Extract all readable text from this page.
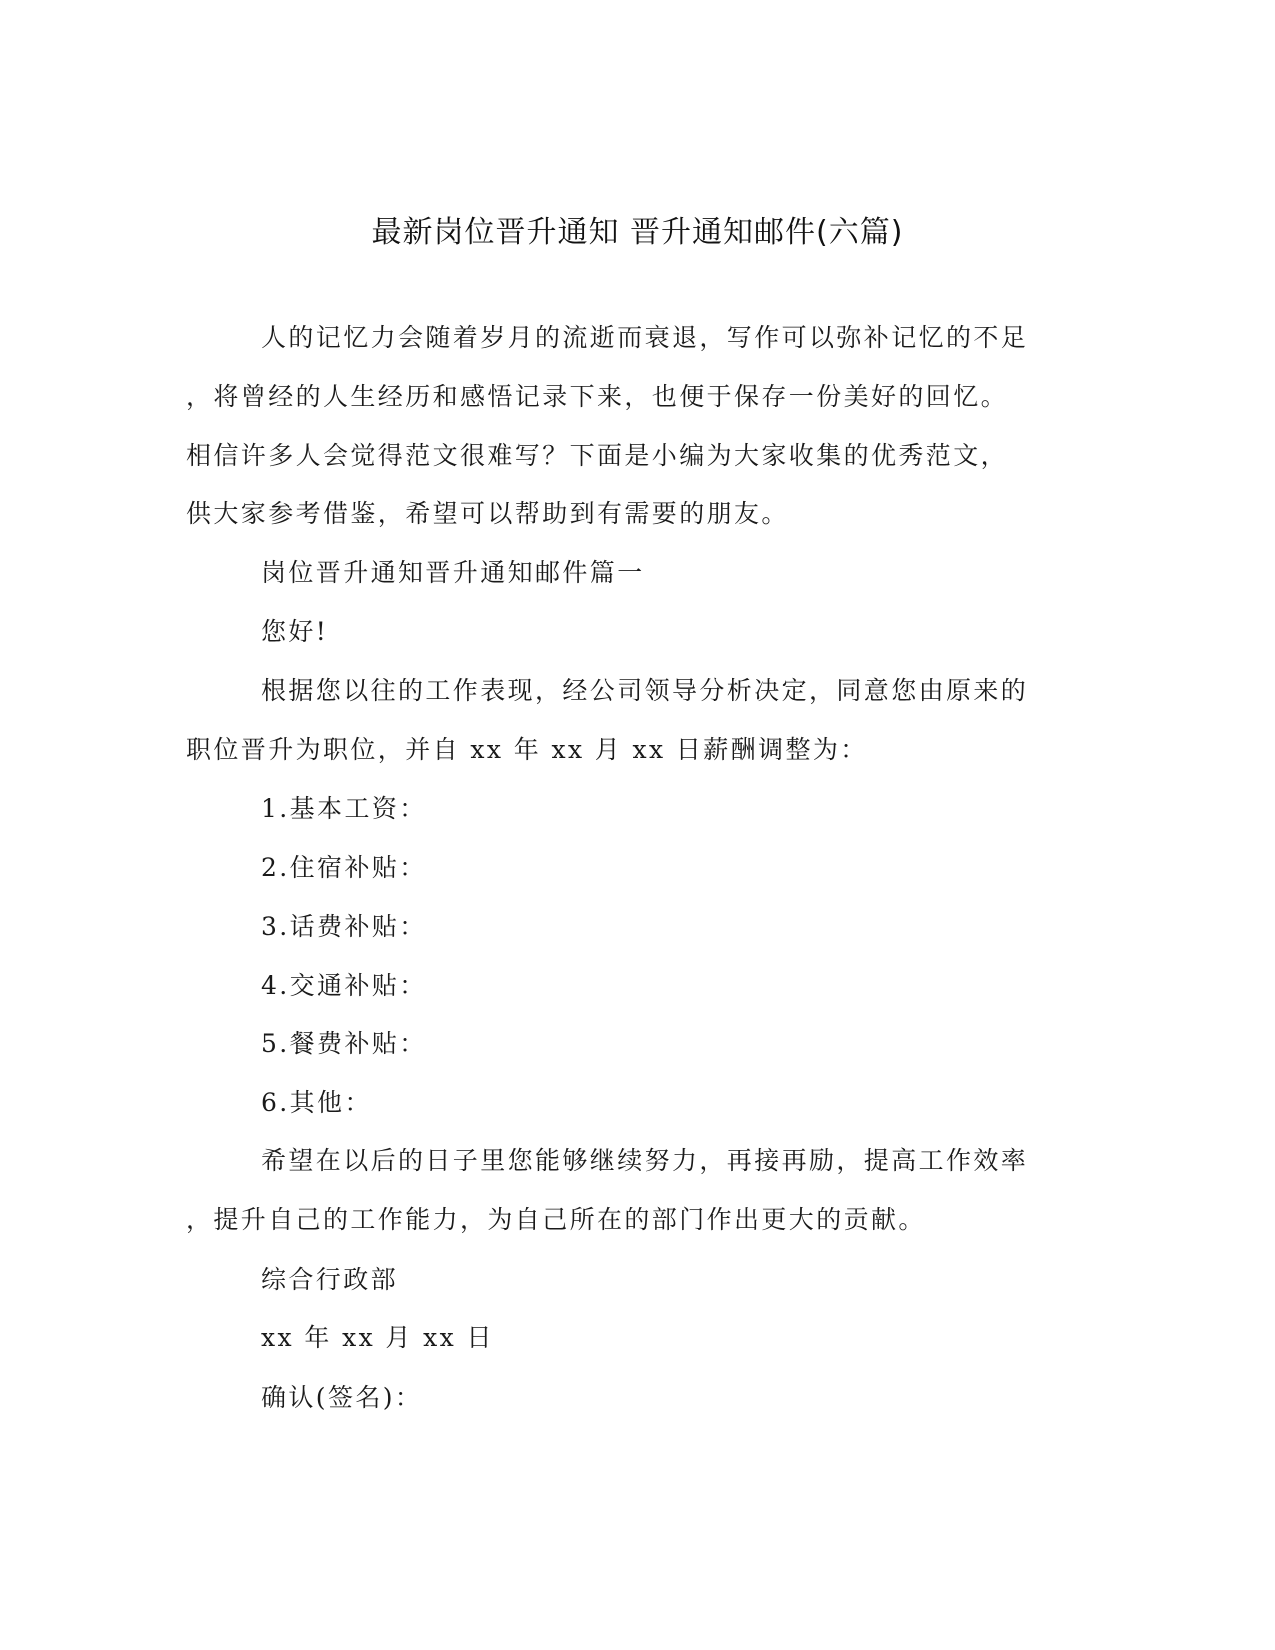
最新岗位晋升通知 晋升通知邮件(六篇)

人的记忆力会随着岁月的流逝而衰退，写作可以弥补记忆的不足

，将曾经的人生经历和感悟记录下来，也便于保存一份美好的回忆。

相信许多人会觉得范文很难写？下面是小编为大家收集的优秀范文，

供大家参考借鉴，希望可以帮助到有需要的朋友。

岗位晋升通知晋升通知邮件篇一

您好!

根据您以往的工作表现，经公司领导分析决定，同意您由原来的

职位晋升为职位，并自 xx 年 xx 月 xx 日薪酬调整为：

1.基本工资：

2.住宿补贴：

3.话费补贴：

4.交通补贴：

5.餐费补贴：

6.其他：

希望在以后的日子里您能够继续努力，再接再励，提高工作效率

，提升自己的工作能力，为自己所在的部门作出更大的贡献。

综合行政部

xx 年 xx 月 xx 日

确认(签名)：
